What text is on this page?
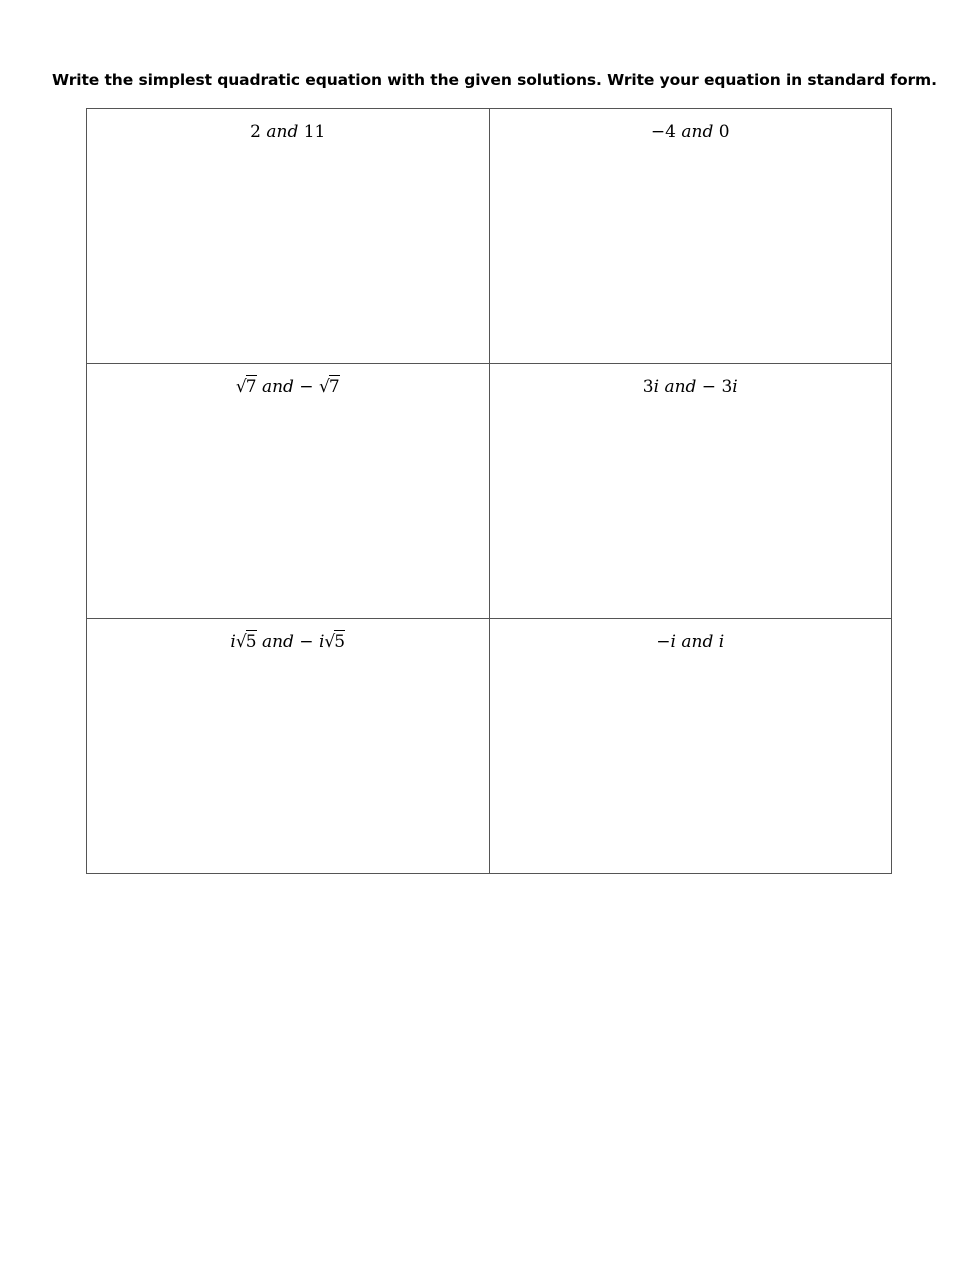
Write the simplest quadratic equation with the given solutions. Write your equation in standard form.
2 and 11	−4 and 0
√7 and − √7	3i and − 3i
i√5 and − i√5	−i and i
